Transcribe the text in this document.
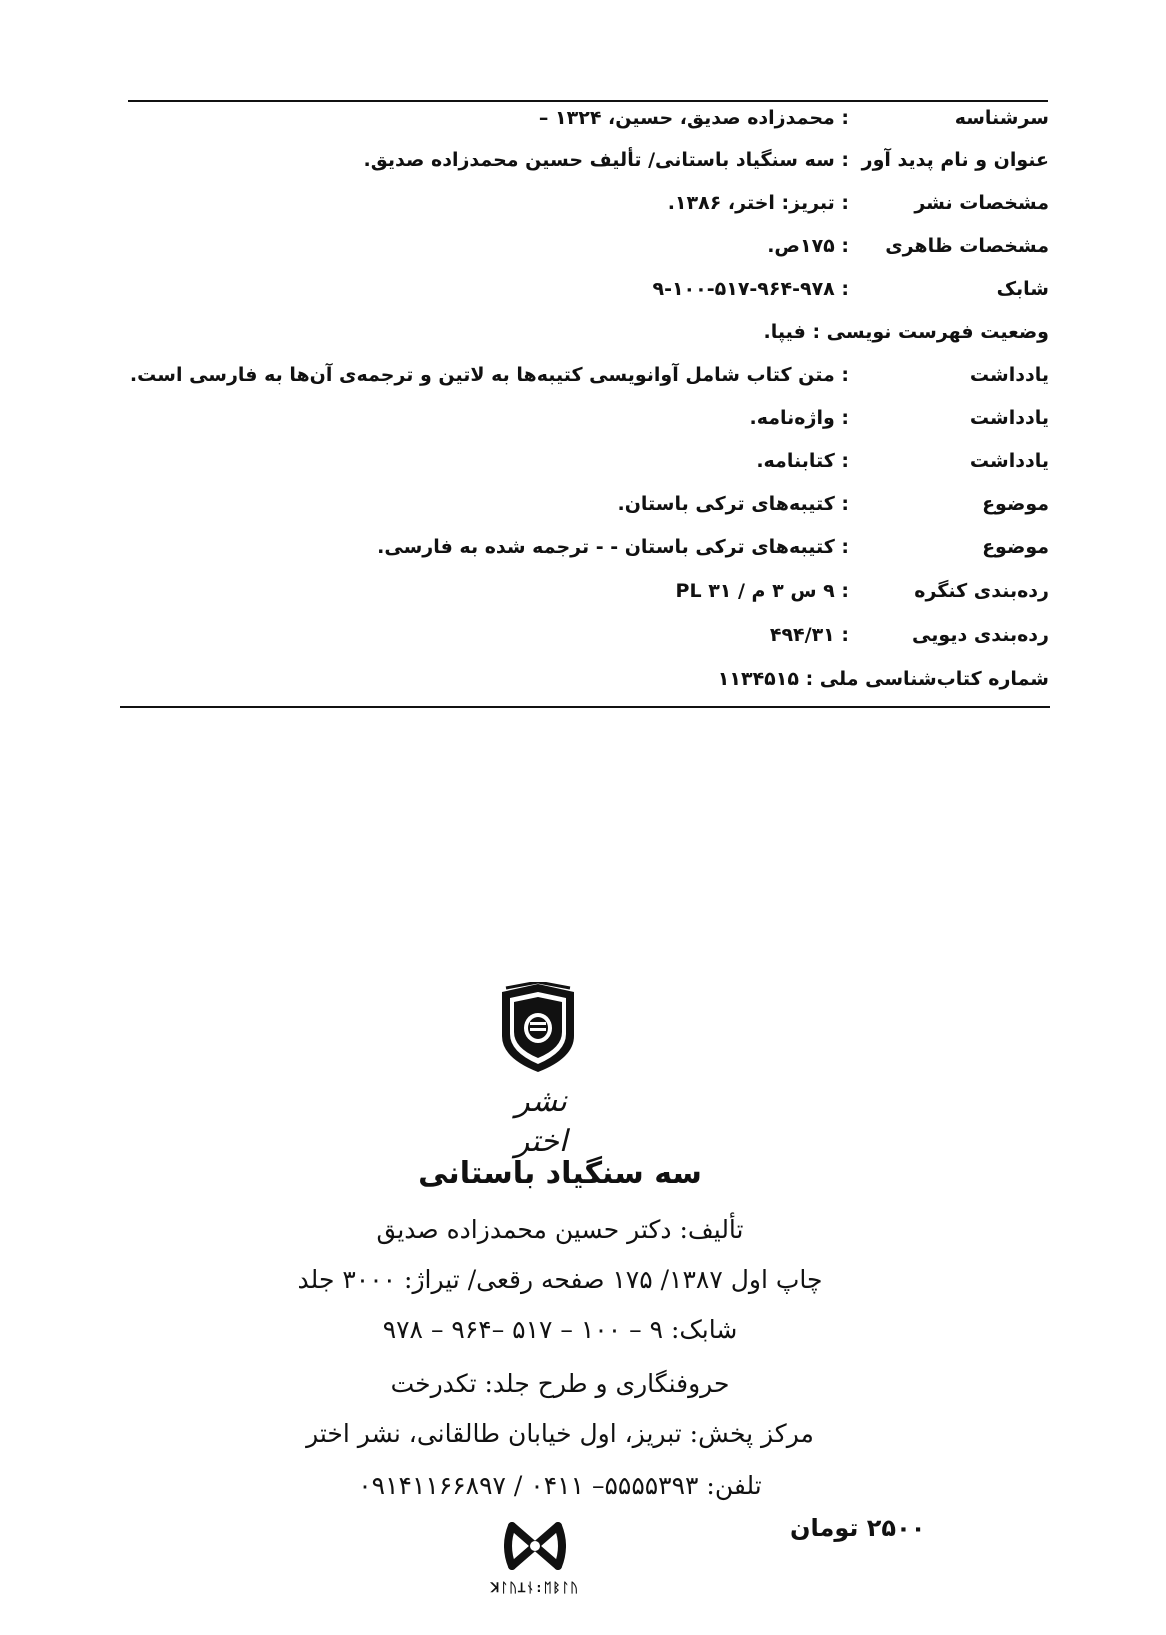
سرشناسه
: محمدزاده صدیق، حسین، ۱۳۲۴ –
عنوان و نام پدید آور
: سه سنگیاد باستانی/ تألیف حسین محمدزاده صدیق.
مشخصات نشر
: تبریز: اختر، ۱۳۸۶.
مشخصات ظاهری
: ۱۷۵ص.
شابک
: ۹-۱۰۰-۵۱۷-۹۶۴-۹۷۸
وضعیت فهرست نویسی : فیپا.
یادداشت
: متن کتاب شامل آوانویسی کتیبه‌ها به لاتین و ترجمه‌ی آن‌ها به فارسی است.
یادداشت
: واژه‌نامه.
یادداشت
: کتابنامه.
موضوع
: کتیبه‌های ترکی باستان.
موضوع
: کتیبه‌های ترکی باستان - - ترجمه شده به فارسی.
رده‌بندی کنگره
: ۹ س ۳ م / ۳۱ PL
رده‌بندی دیویی
: ۴۹۴/۳۱
شماره کتاب‌شناسی ملی : ۱۱۳۴۵۱۵
نشر اختر
سه سنگیاد باستانی
تألیف: دکتر حسین محمدزاده صدیق
چاپ اول ۱۳۸۷/ ۱۷۵ صفحه رقعی/ تیراژ: ۳۰۰۰ جلد
شابک: ۹ – ۱۰۰ – ۵۱۷ –۹۶۴ – ۹۷۸
حروفنگاری و طرح جلد: تکدرخت
مرکز پخش: تبریز، اول خیابان طالقانی، نشر اختر
تلفن: ۵۵۵۵۳۹۳– ۰۴۱۱ / ۰۹۱۴۱۱۶۶۸۹۷
۲۵۰۰ تومان
ꓘᛚᚢꞱᚾ:ᛖᛒᛚᚢ
